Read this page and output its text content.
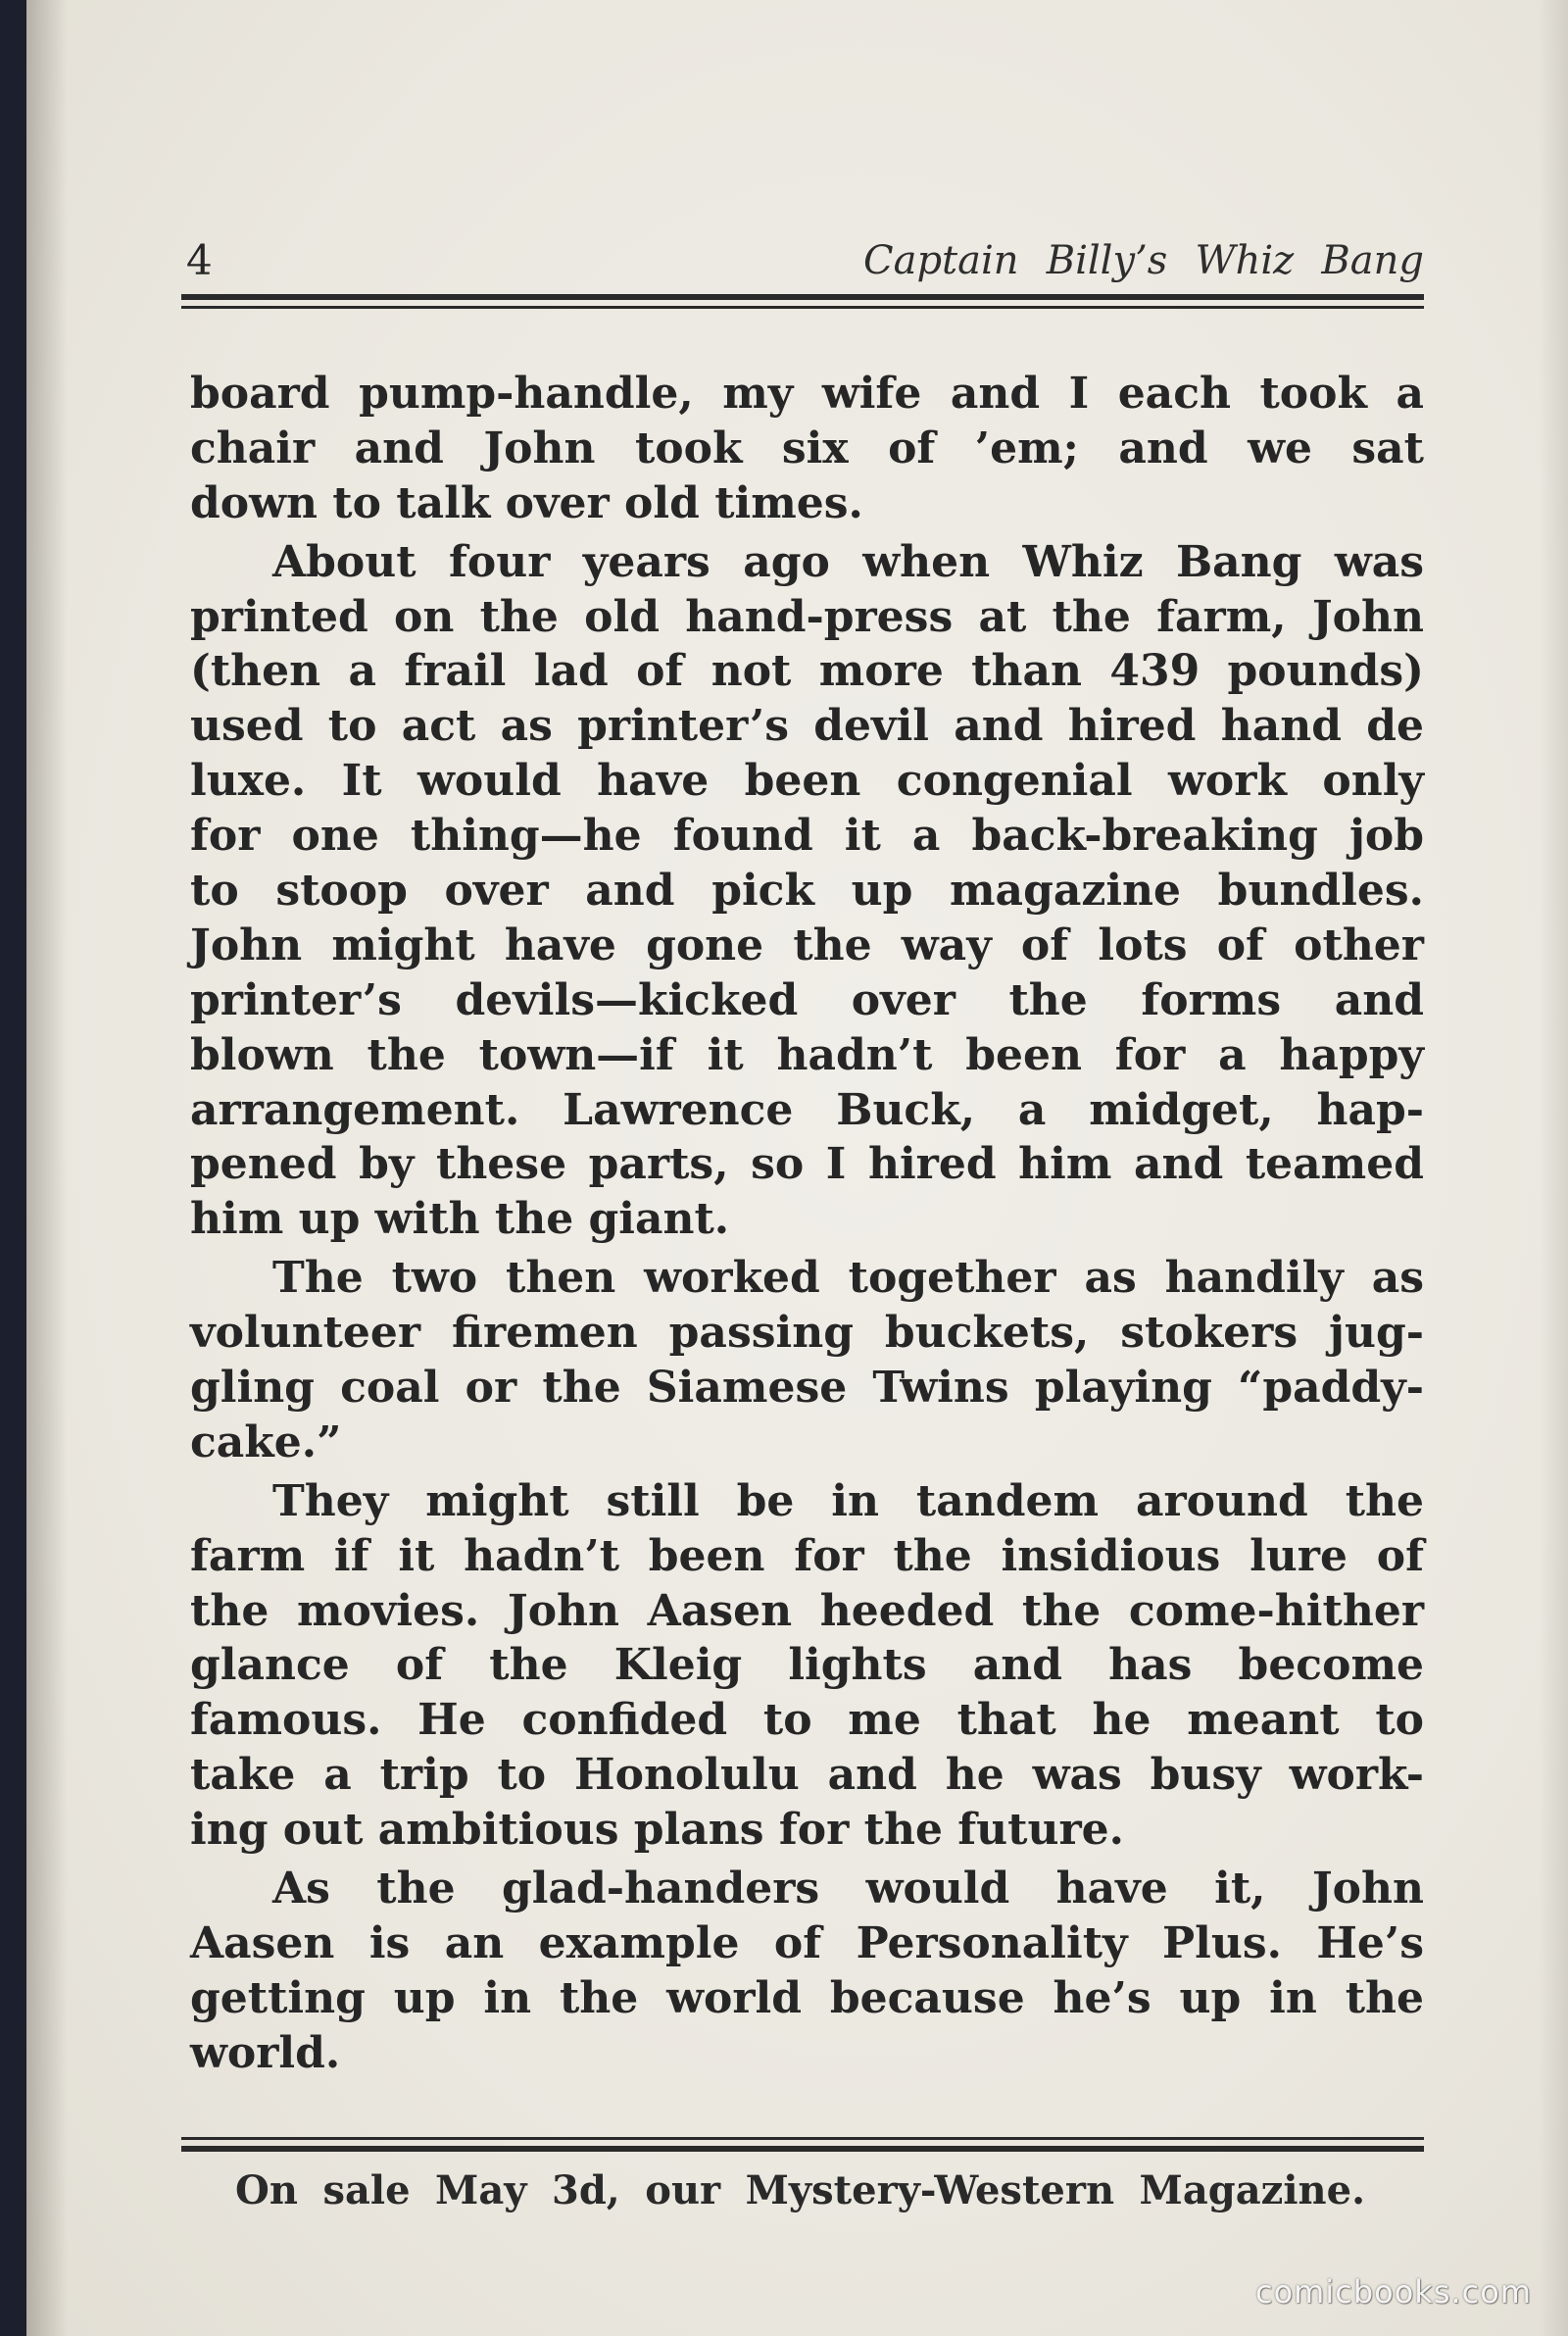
4	Captain Billy’s Whiz Bang
board pump-handle, my wife and I each took a
chair and John took six of ’em; and we sat
down to talk over old times.
About four years ago when Whiz Bang was
printed on the old hand-press at the farm, John
(then a frail lad of not more than 439 pounds)
used to act as printer’s devil and hired hand de
luxe. It would have been congenial work only
for one thing—he found it a back-breaking job
to stoop over and pick up magazine bundles.
John might have gone the way of lots of other
printer’s devils—kicked over the forms and
blown the town—if it hadn’t been for a happy
arrangement. Lawrence Buck, a midget, hap-
pened by these parts, so I hired him and teamed
him up with the giant.
The two then worked together as handily as
volunteer firemen passing buckets, stokers jug-
gling coal or the Siamese Twins playing “paddy-
cake.”
They might still be in tandem around the
farm if it hadn’t been for the insidious lure of
the movies. John Aasen heeded the come-hither
glance of the Kleig lights and has become
famous. He confided to me that he meant to
take a trip to Honolulu and he was busy work-
ing out ambitious plans for the future.
As the glad-handers would have it, John
Aasen is an example of Personality Plus. He’s
getting up in the world because he’s up in the
world.
On sale May 3d, our Mystery-Western Magazine.
comicbooks.com
